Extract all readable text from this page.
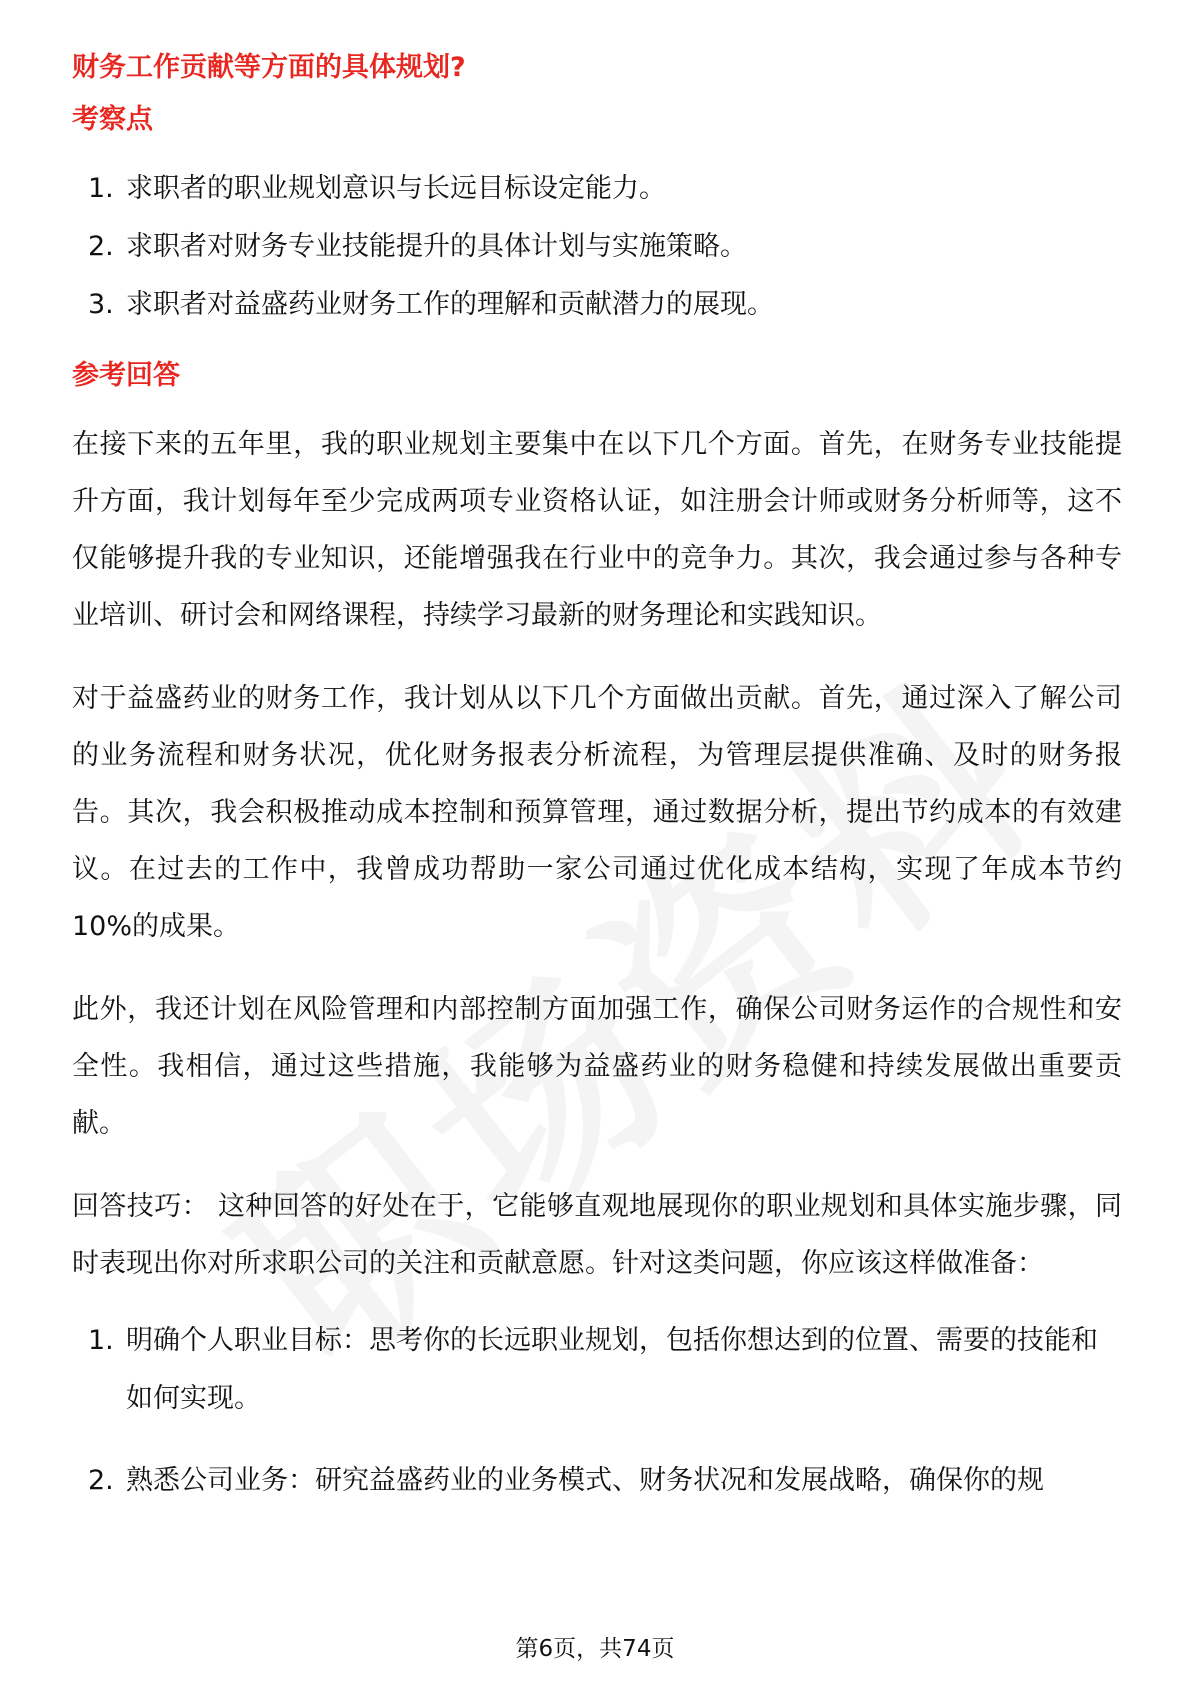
财务工作贡献等方面的具体规划?
考察点
1. 求职者的职业规划意识与长远目标设定能力。
2. 求职者对财务专业技能提升的具体计划与实施策略。
3. 求职者对益盛药业财务工作的理解和贡献潜力的展现。
参考回答

在接下来的五年里，我的职业规划主要集中在以下几个方面。首先，在财务专业技能提升方面，我计划每年至少完成两项专业资格认证，如注册会计师或财务分析师等，这不仅能够提升我的专业知识，还能增强我在行业中的竞争力。其次，我会通过参与各种专业培训、研讨会和网络课程，持续学习最新的财务理论和实践知识。

对于益盛药业的财务工作，我计划从以下几个方面做出贡献。首先，通过深入了解公司的业务流程和财务状况，优化财务报表分析流程，为管理层提供准确、及时的财务报告。其次，我会积极推动成本控制和预算管理，通过数据分析，提出节约成本的有效建议。在过去的工作中，我曾成功帮助一家公司通过优化成本结构，实现了年成本节约10%的成果。

此外，我还计划在风险管理和内部控制方面加强工作，确保公司财务运作的合规性和安全性。我相信，通过这些措施，我能够为益盛药业的财务稳健和持续发展做出重要贡献。

回答技巧： 这种回答的好处在于，它能够直观地展现你的职业规划和具体实施步骤，同时表现出你对所求职公司的关注和贡献意愿。针对这类问题，你应该这样做准备：

1. 明确个人职业目标：思考你的长远职业规划，包括你想达到的位置、需要的技能和如何实现。
2. 熟悉公司业务：研究益盛药业的业务模式、财务状况和发展战略，确保你的规
第6页，共74页
